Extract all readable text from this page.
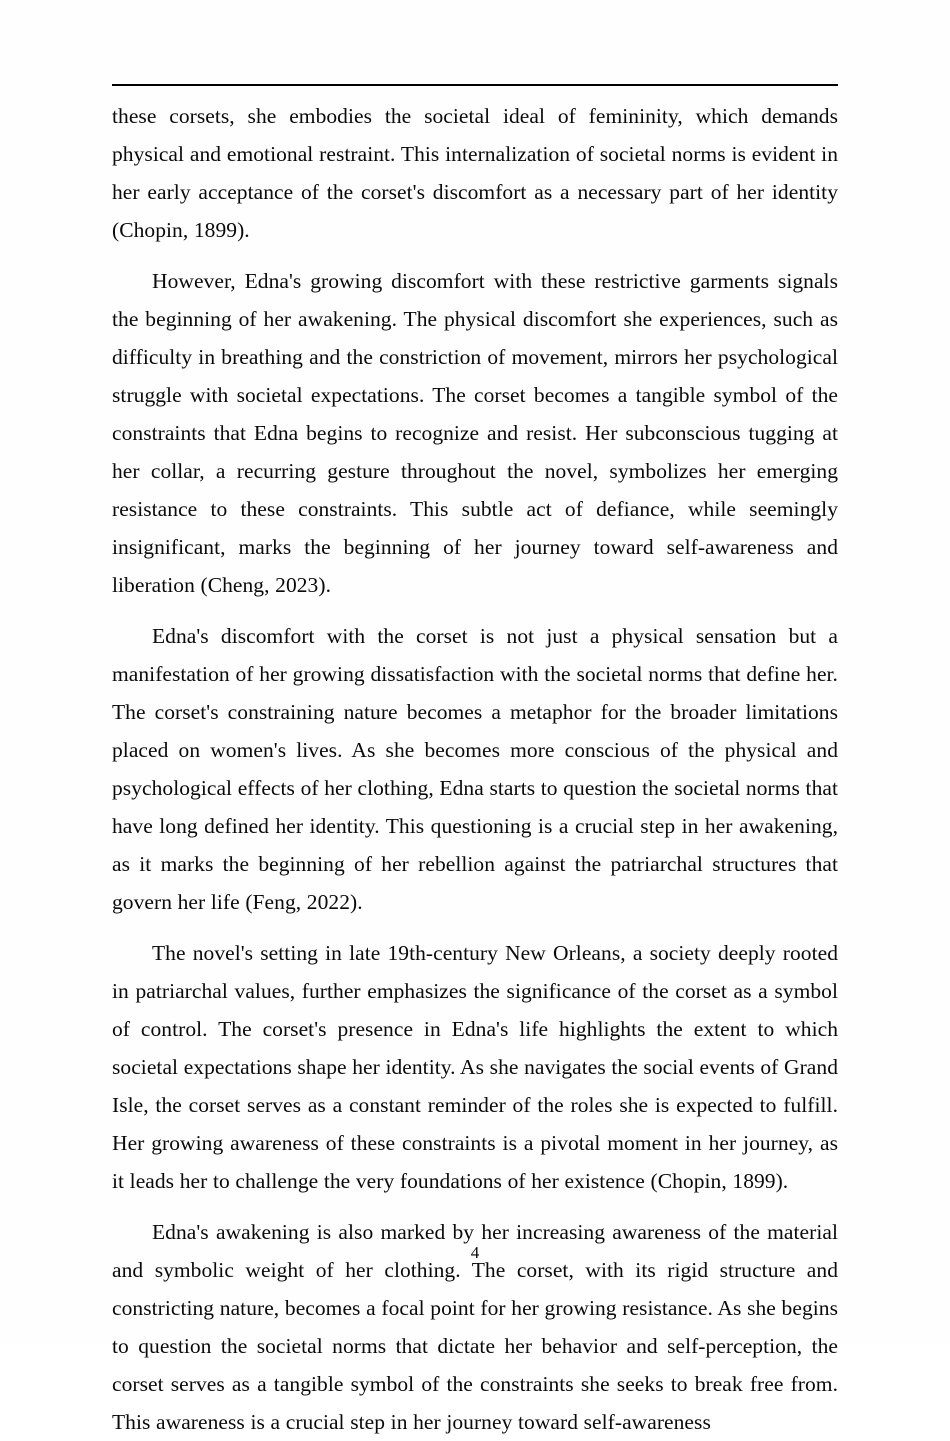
these corsets, she embodies the societal ideal of femininity, which demands physical and emotional restraint. This internalization of societal norms is evident in her early acceptance of the corset's discomfort as a necessary part of her identity (Chopin, 1899).

However, Edna's growing discomfort with these restrictive garments signals the beginning of her awakening. The physical discomfort she experiences, such as difficulty in breathing and the constriction of movement, mirrors her psychological struggle with societal expectations. The corset becomes a tangible symbol of the constraints that Edna begins to recognize and resist. Her subconscious tugging at her collar, a recurring gesture throughout the novel, symbolizes her emerging resistance to these constraints. This subtle act of defiance, while seemingly insignificant, marks the beginning of her journey toward self-awareness and liberation (Cheng, 2023).

Edna's discomfort with the corset is not just a physical sensation but a manifestation of her growing dissatisfaction with the societal norms that define her. The corset's constraining nature becomes a metaphor for the broader limitations placed on women's lives. As she becomes more conscious of the physical and psychological effects of her clothing, Edna starts to question the societal norms that have long defined her identity. This questioning is a crucial step in her awakening, as it marks the beginning of her rebellion against the patriarchal structures that govern her life (Feng, 2022).

The novel's setting in late 19th-century New Orleans, a society deeply rooted in patriarchal values, further emphasizes the significance of the corset as a symbol of control. The corset's presence in Edna's life highlights the extent to which societal expectations shape her identity. As she navigates the social events of Grand Isle, the corset serves as a constant reminder of the roles she is expected to fulfill. Her growing awareness of these constraints is a pivotal moment in her journey, as it leads her to challenge the very foundations of her existence (Chopin, 1899).

Edna's awakening is also marked by her increasing awareness of the material and symbolic weight of her clothing. The corset, with its rigid structure and constricting nature, becomes a focal point for her growing resistance. As she begins to question the societal norms that dictate her behavior and self-perception, the corset serves as a tangible symbol of the constraints she seeks to break free from. This awareness is a crucial step in her journey toward self-awareness

4
